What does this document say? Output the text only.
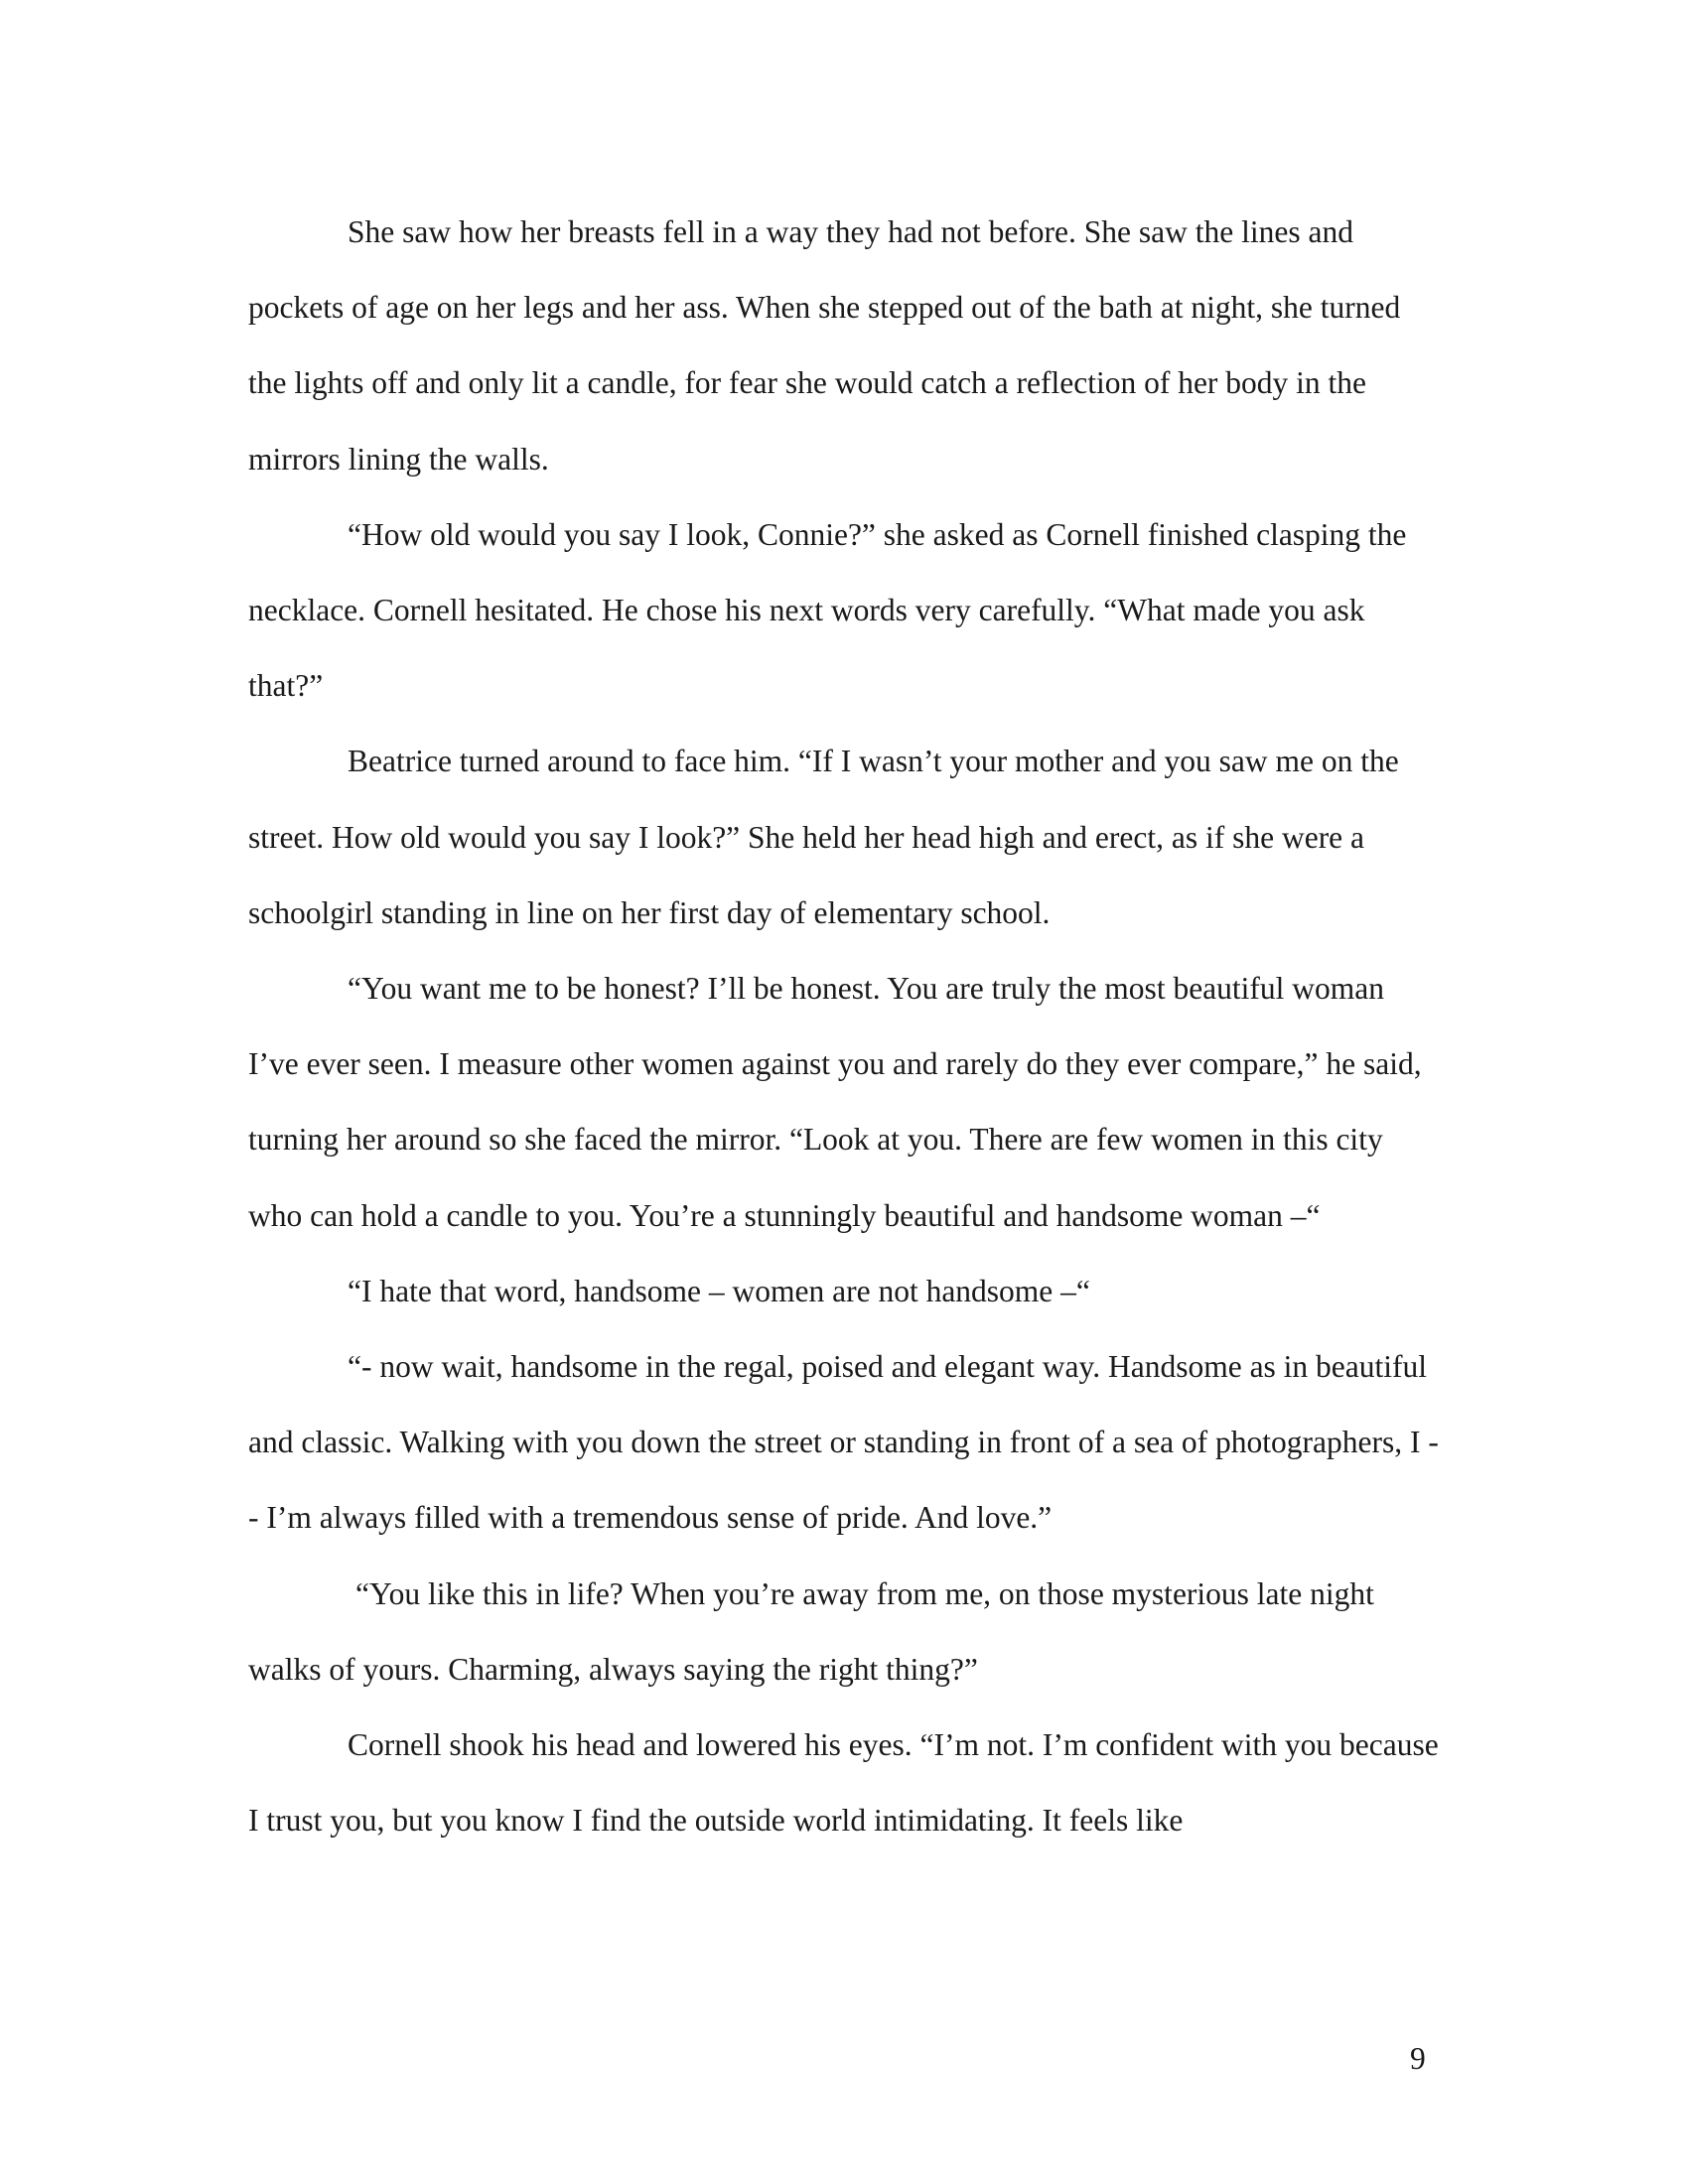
She saw how her breasts fell in a way they had not before. She saw the lines and pockets of age on her legs and her ass. When she stepped out of the bath at night, she turned the lights off and only lit a candle, for fear she would catch a reflection of her body in the mirrors lining the walls.

“How old would you say I look, Connie?” she asked as Cornell finished clasping the necklace. Cornell hesitated. He chose his next words very carefully. “What made you ask that?”

Beatrice turned around to face him. “If I wasn’t your mother and you saw me on the street. How old would you say I look?” She held her head high and erect, as if she were a schoolgirl standing in line on her first day of elementary school.

“You want me to be honest? I’ll be honest. You are truly the most beautiful woman I’ve ever seen. I measure other women against you and rarely do they ever compare,” he said, turning her around so she faced the mirror. “Look at you. There are few women in this city who can hold a candle to you. You’re a stunningly beautiful and handsome woman –“

“I hate that word, handsome – women are not handsome –“

“- now wait, handsome in the regal, poised and elegant way. Handsome as in beautiful and classic. Walking with you down the street or standing in front of a sea of photographers, I -- I’m always filled with a tremendous sense of pride. And love.”

“You like this in life? When you’re away from me, on those mysterious late night walks of yours. Charming, always saying the right thing?”

Cornell shook his head and lowered his eyes. “I’m not. I’m confident with you because I trust you, but you know I find the outside world intimidating. It feels like

9
